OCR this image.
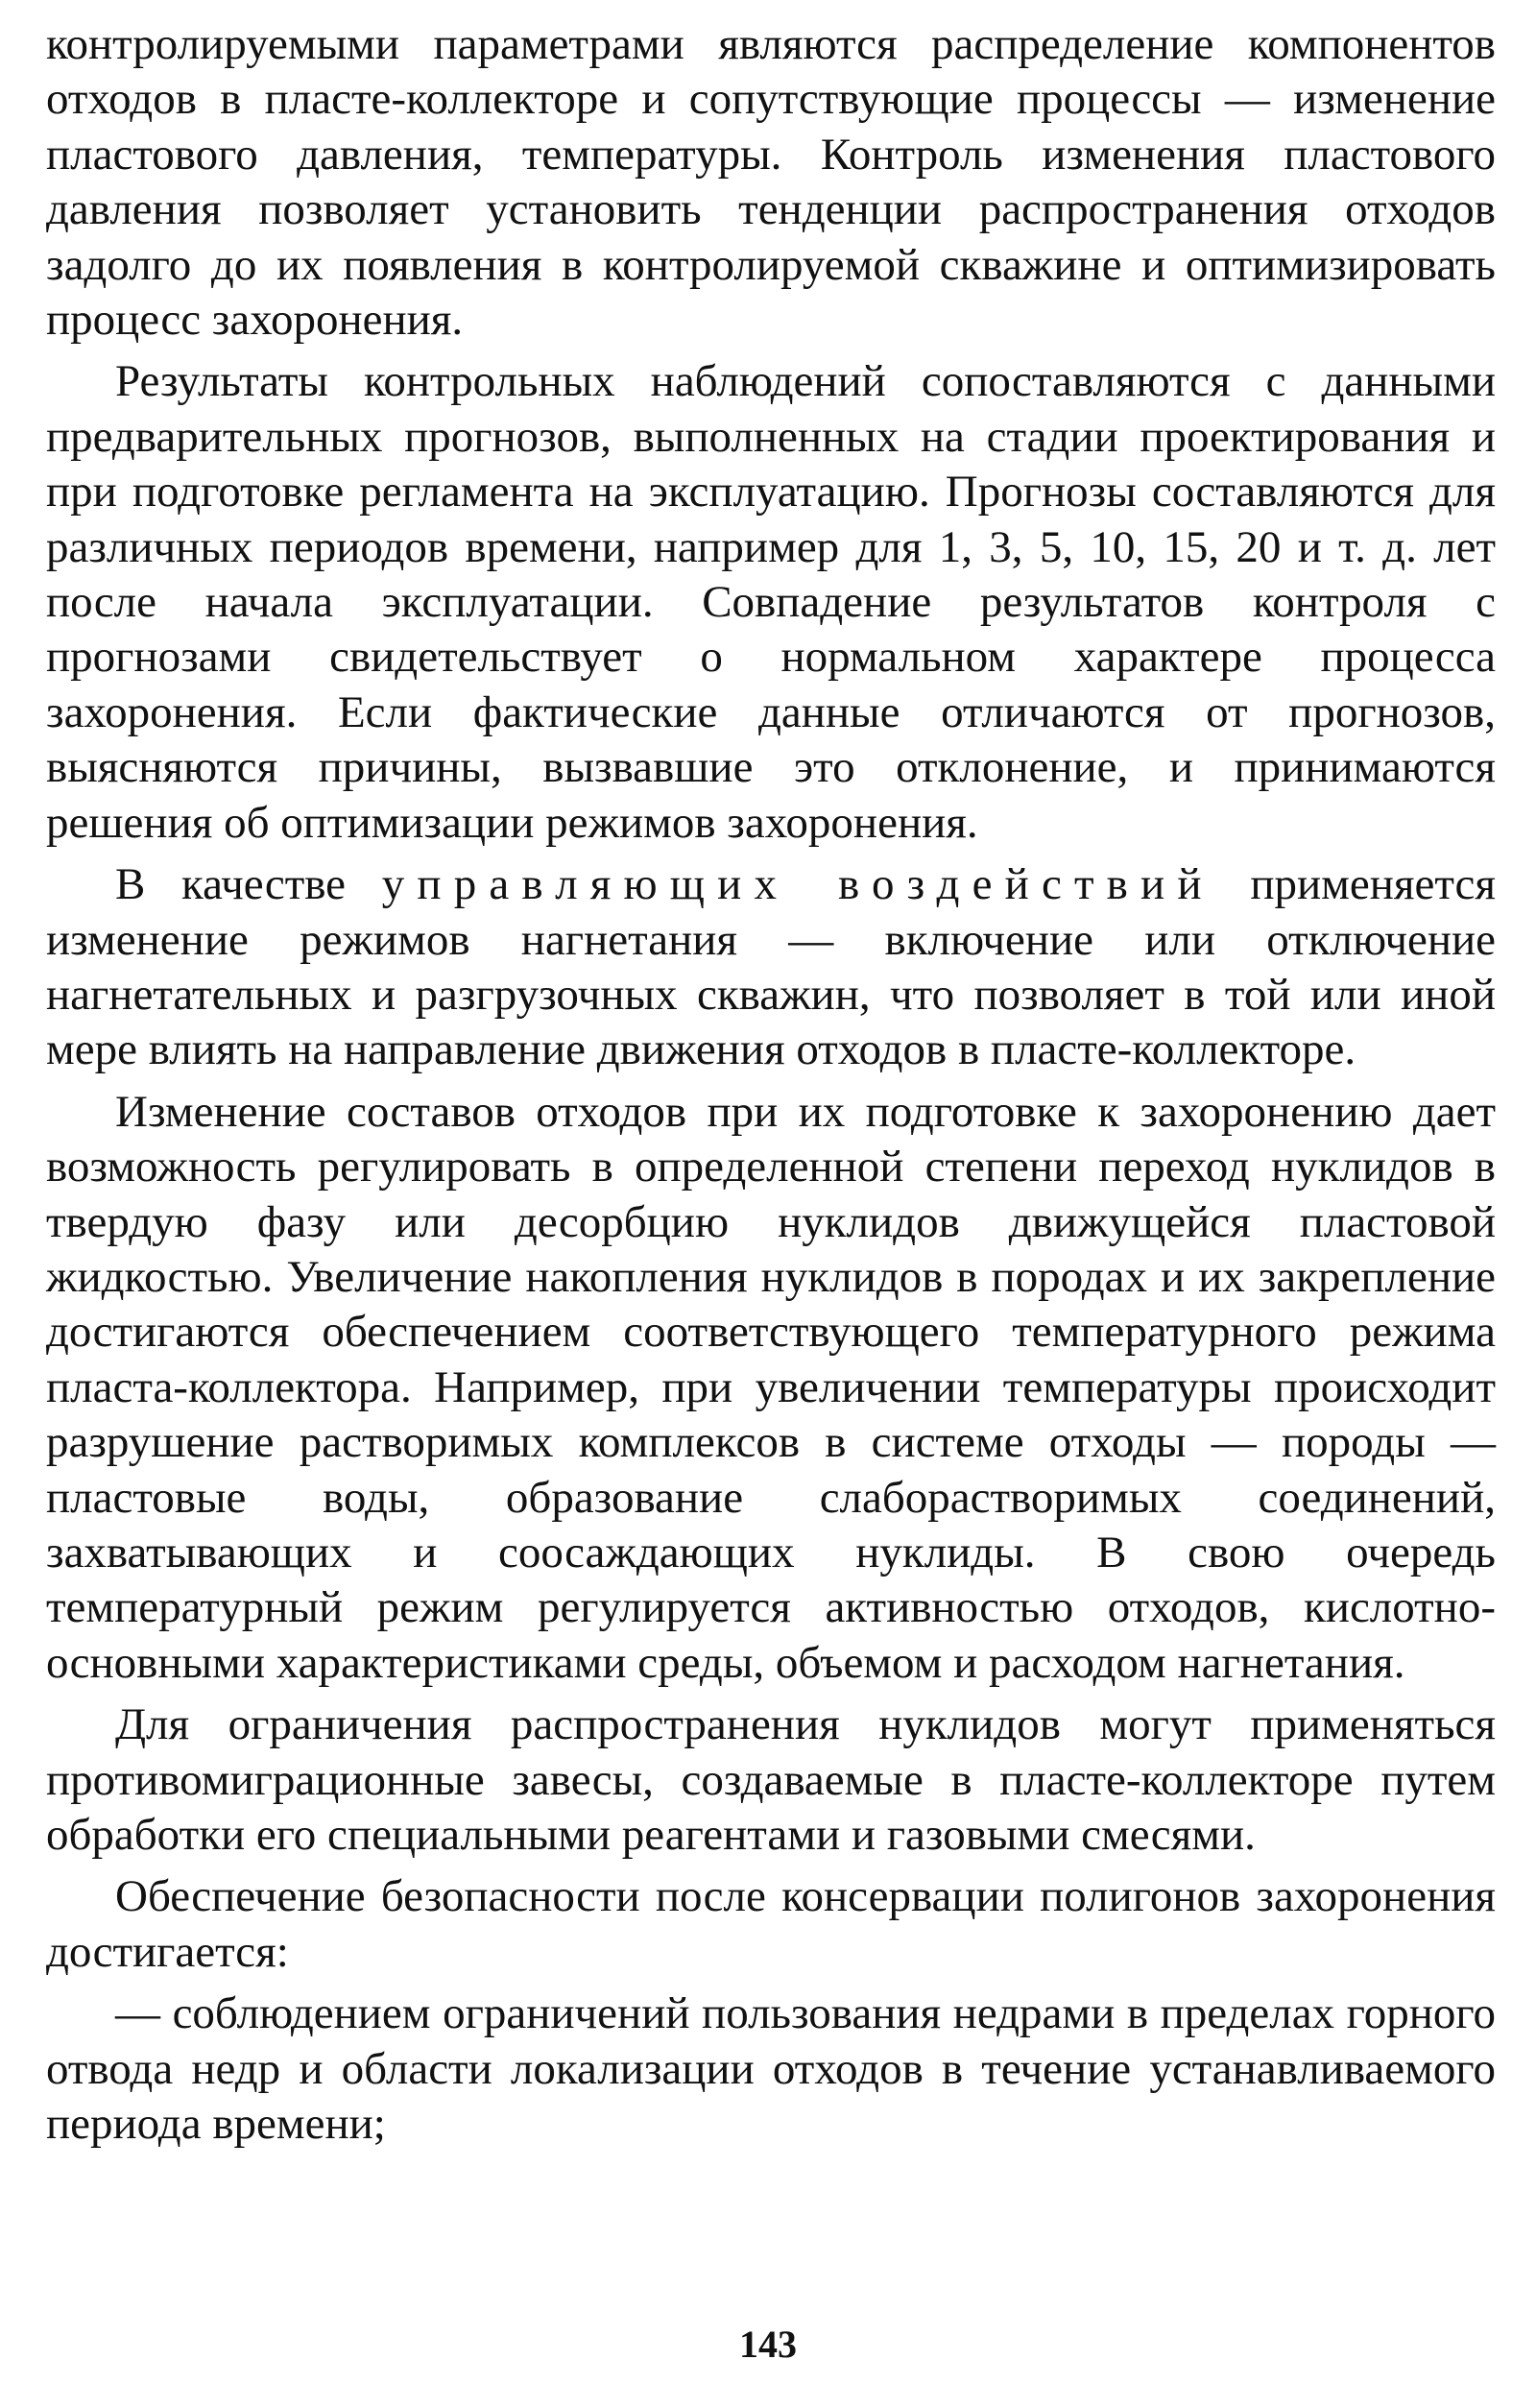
контролируемыми параметрами являются распределение компонентов отходов в пласте-коллекторе и сопутствующие процессы — изменение пластового давления, температуры. Контроль изменения пластового давления позволяет установить тенденции распространения отходов задолго до их появления в контролируемой скважине и оптимизировать процесс захоронения.

Результаты контрольных наблюдений сопоставляются с данными предварительных прогнозов, выполненных на стадии проектирования и при подготовке регламента на эксплуатацию. Прогнозы составляются для различных периодов времени, например для 1, 3, 5, 10, 15, 20 и т. д. лет после начала эксплуатации. Совпадение результатов контроля с прогнозами свидетельствует о нормальном характере процесса захоронения. Если фактические данные отличаются от прогнозов, выясняются причины, вызвавшие это отклонение, и принимаются решения об оптимизации режимов захоронения.

В качестве управляющих воздействий применяется изменение режимов нагнетания — включение или отключение нагнетательных и разгрузочных скважин, что позволяет в той или иной мере влиять на направление движения отходов в пласте-коллекторе.

Изменение составов отходов при их подготовке к захоронению дает возможность регулировать в определенной степени переход нуклидов в твердую фазу или десорбцию нуклидов движущейся пластовой жидкостью. Увеличение накопления нуклидов в породах и их закрепление достигаются обеспечением соответствующего температурного режима пласта-коллектора. Например, при увеличении температуры происходит разрушение растворимых комплексов в системе отходы — породы — пластовые воды, образование слаборастворимых соединений, захватывающих и соосаждающих нуклиды. В свою очередь температурный режим регулируется активностью отходов, кислотно-основными характеристиками среды, объемом и расходом нагнетания.

Для ограничения распространения нуклидов могут применяться противомиграционные завесы, создаваемые в пласте-коллекторе путем обработки его специальными реагентами и газовыми смесями.

Обеспечение безопасности после консервации полигонов захоронения достигается:

— соблюдением ограничений пользования недрами в пределах горного отвода недр и области локализации отходов в течение устанавливаемого периода времени;

143
